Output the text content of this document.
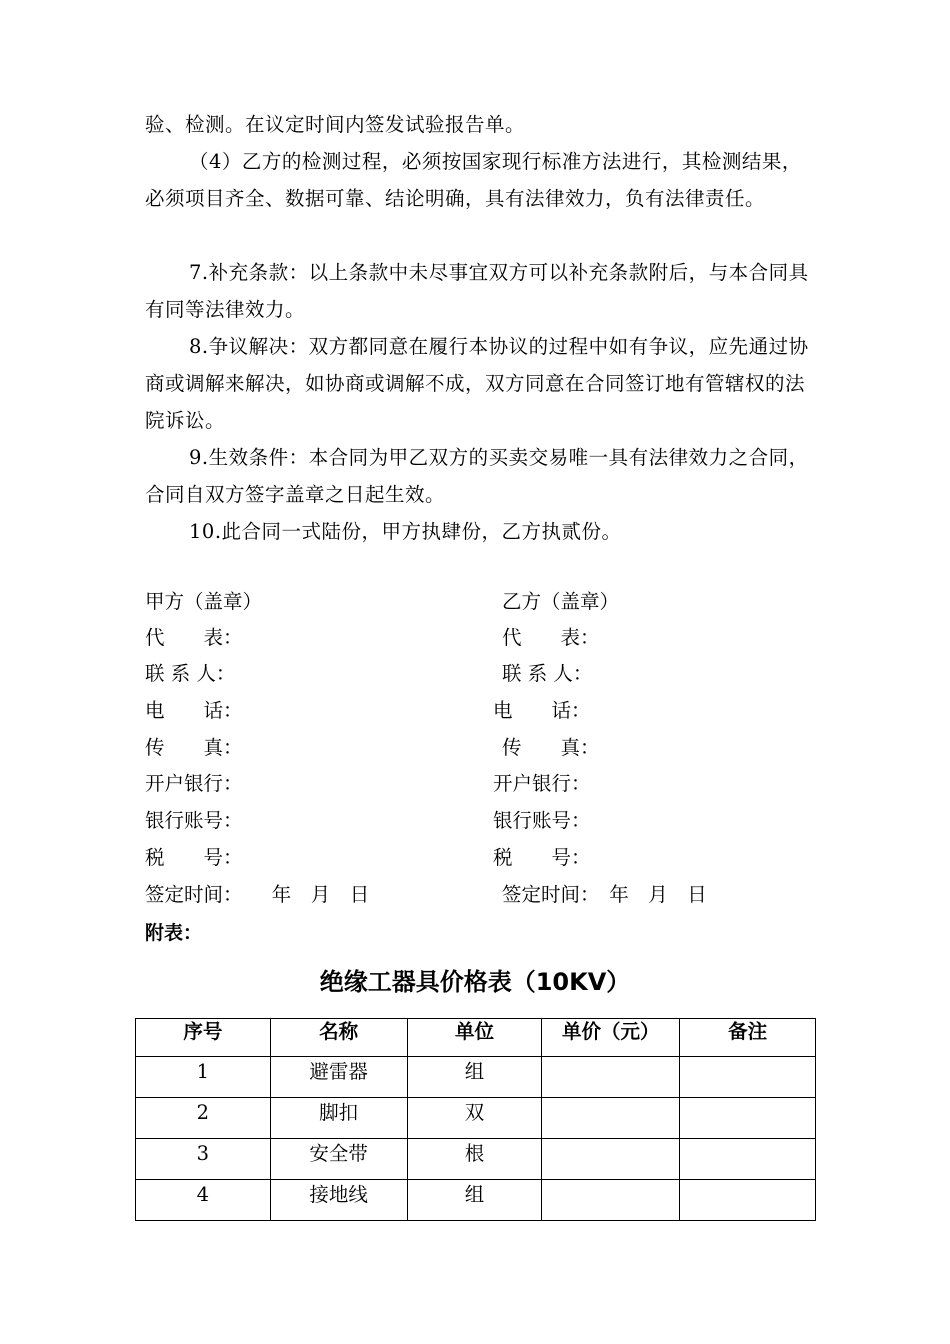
验、检测。在议定时间内签发试验报告单。
（4）乙方的检测过程，必须按国家现行标准方法进行，其检测结果，必须项目齐全、数据可靠、结论明确，具有法律效力，负有法律责任。
7.补充条款：以上条款中未尽事宜双方可以补充条款附后，与本合同具有同等法律效力。
8.争议解决：双方都同意在履行本协议的过程中如有争议，应先通过协商或调解来解决，如协商或调解不成，双方同意在合同签订地有管辖权的法院诉讼。
9.生效条件：本合同为甲乙双方的买卖交易唯一具有法律效力之合同，合同自双方签字盖章之日起生效。
10.此合同一式陆份，甲方执肆份，乙方执贰份。
甲方（盖章）
代　　表：
联 系 人：
电　　话：
传　　真：
开户银行：
银行账号：
税　　号：
签定时间：　　年　月　日
乙方（盖章）
代　　表：
联 系 人：
电　　话：
传　　真：
开户银行：
银行账号：
税　　号：
签定时间：　年　月　日
附表：
绝缘工器具价格表（10KV）
序号	名称	单位	单价（元）	备注
1	避雷器	组		
2	脚扣	双		
3	安全带	根		
4	接地线	组		
